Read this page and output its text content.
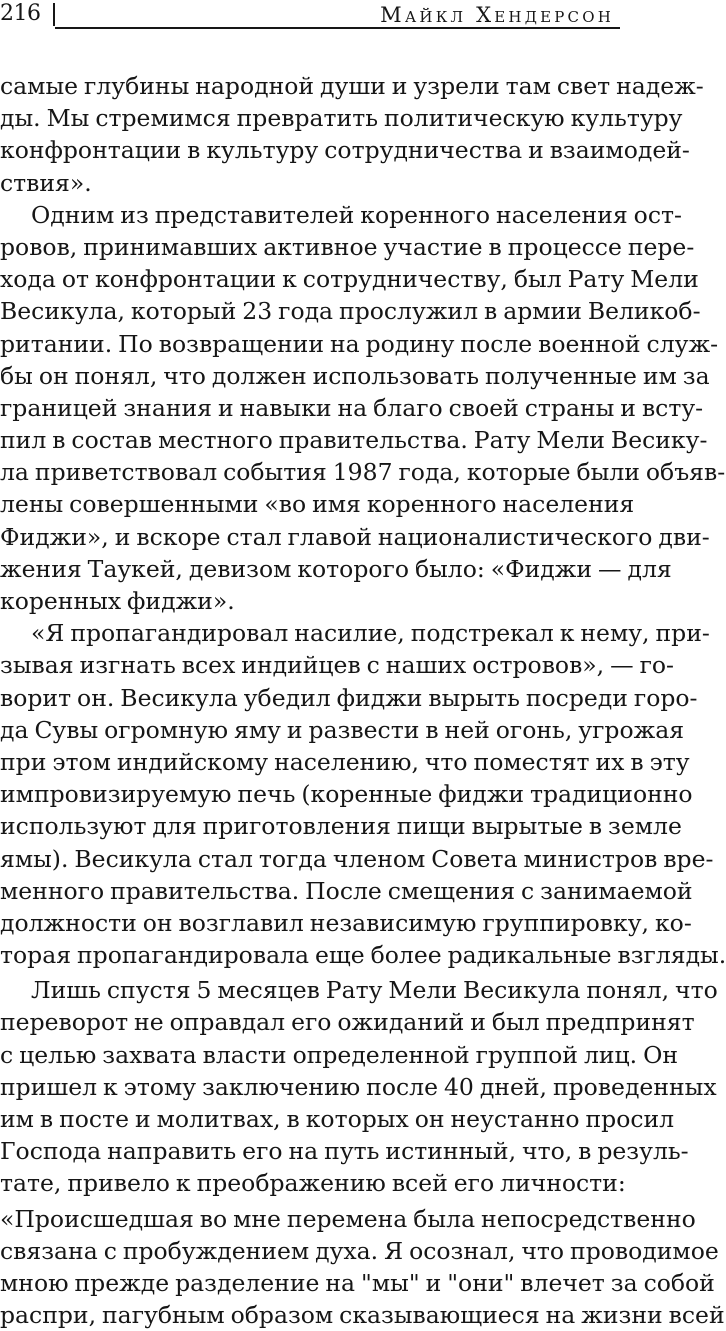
216	Майкл Хендерсон
самые глубины народной души и узрели там свет надеж-
ды. Мы стремимся превратить политическую культуру
конфронтации в культуру сотрудничества и взаимодей-
ствия».
Одним из представителей коренного населения ост-
ровов, принимавших активное участие в процессе пере-
хода от конфронтации к сотрудничеству, был Рату Мели
Весикула, который 23 года прослужил в армии Великоб-
ритании. По возвращении на родину после военной служ-
бы он понял, что должен использовать полученные им за
границей знания и навыки на благо своей страны и всту-
пил в состав местного правительства. Рату Мели Весику-
ла приветствовал события 1987 года, которые были объяв-
лены совершенными «во имя коренного населения
Фиджи», и вскоре стал главой националистического дви-
жения Таукей, девизом которого было: «Фиджи — для
коренных фиджи».
«Я пропагандировал насилие, подстрекал к нему, при-
зывая изгнать всех индийцев с наших островов», — го-
ворит он. Весикула убедил фиджи вырыть посреди горо-
да Сувы огромную яму и развести в ней огонь, угрожая
при этом индийскому населению, что поместят их в эту
импровизируемую печь (коренные фиджи традиционно
используют для приготовления пищи вырытые в земле
ямы). Весикула стал тогда членом Совета министров вре-
менного правительства. После смещения с занимаемой
должности он возглавил независимую группировку, ко-
торая пропагандировала еще более радикальные взгляды.
Лишь спустя 5 месяцев Рату Мели Весикула понял, что
переворот не оправдал его ожиданий и был предпринят
с целью захвата власти определенной группой лиц. Он
пришел к этому заключению после 40 дней, проведенных
им в посте и молитвах, в которых он неустанно просил
Господа направить его на путь истинный, что, в резуль-
тате, привело к преображению всей его личности:
«Происшедшая во мне перемена была непосредственно
связана с пробуждением духа. Я осознал, что проводимое
мною прежде разделение на "мы" и "они" влечет за собой
распри, пагубным образом сказывающиеся на жизни всей
